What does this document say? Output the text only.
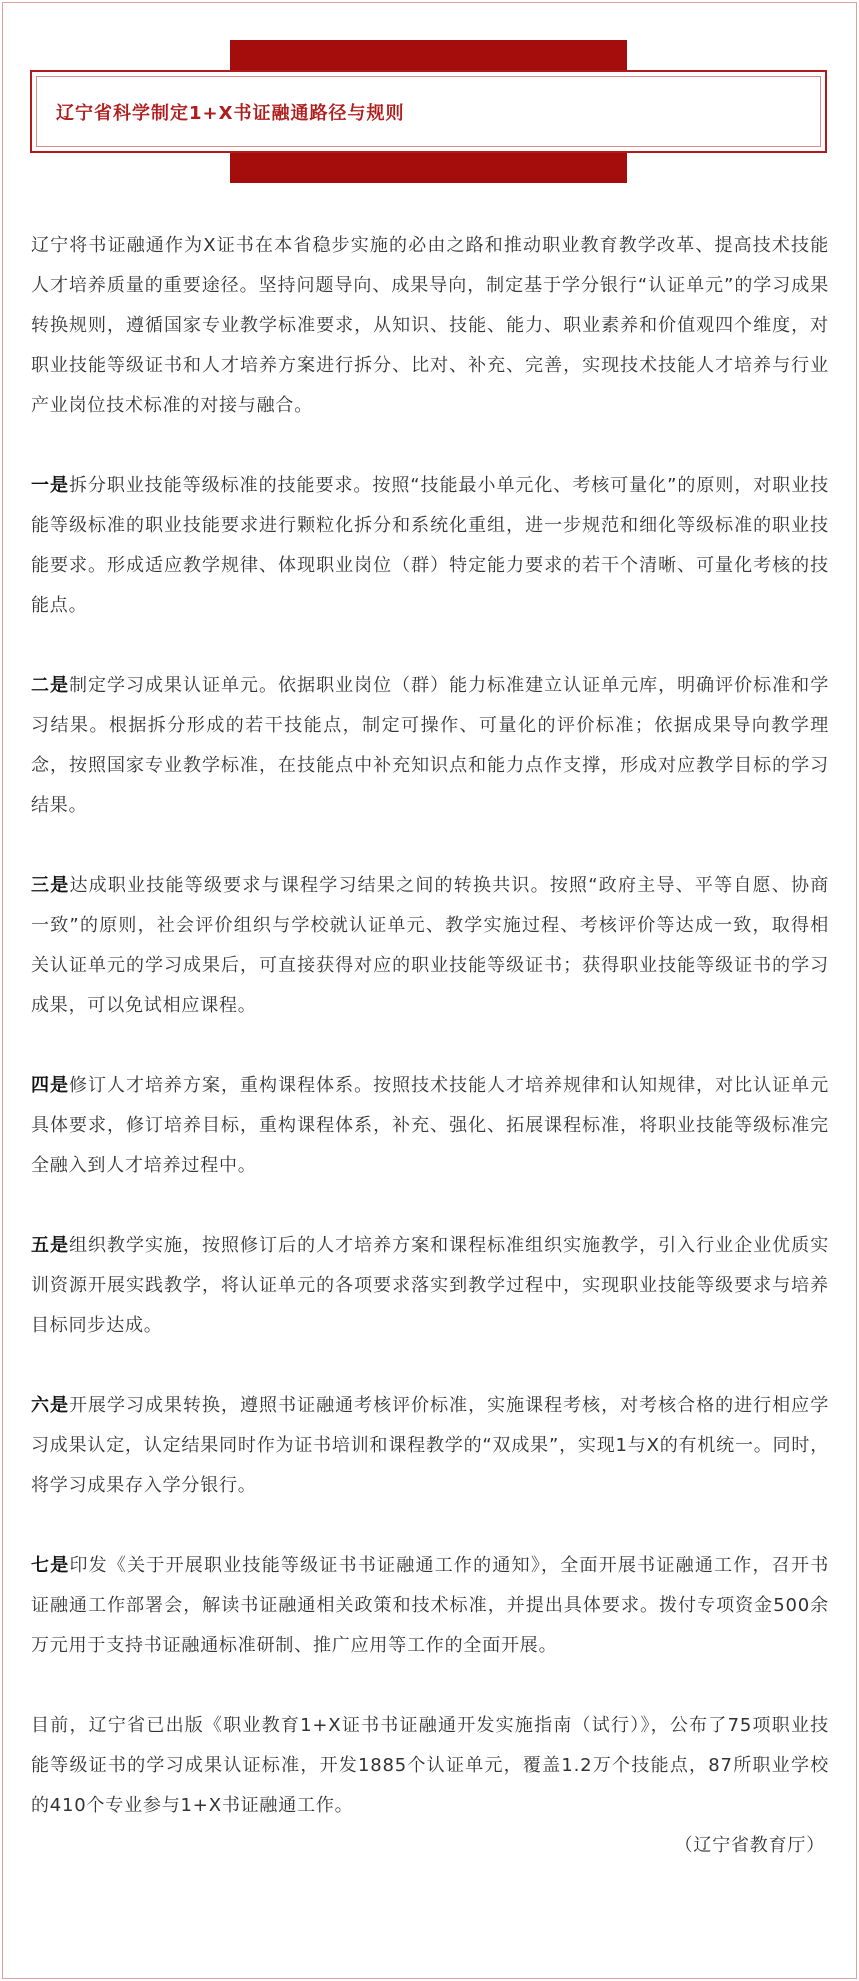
辽宁省科学制定1+X书证融通路径与规则

辽宁将书证融通作为X证书在本省稳步实施的必由之路和推动职业教育教学改革、提高技术技能人才培养质量的重要途径。坚持问题导向、成果导向，制定基于学分银行“认证单元”的学习成果转换规则，遵循国家专业教学标准要求，从知识、技能、能力、职业素养和价值观四个维度，对职业技能等级证书和人才培养方案进行拆分、比对、补充、完善，实现技术技能人才培养与行业产业岗位技术标准的对接与融合。

一是拆分职业技能等级标准的技能要求。按照“技能最小单元化、考核可量化”的原则，对职业技能等级标准的职业技能要求进行颗粒化拆分和系统化重组，进一步规范和细化等级标准的职业技能要求。形成适应教学规律、体现职业岗位（群）特定能力要求的若干个清晰、可量化考核的技能点。

二是制定学习成果认证单元。依据职业岗位（群）能力标准建立认证单元库，明确评价标准和学习结果。根据拆分形成的若干技能点，制定可操作、可量化的评价标准；依据成果导向教学理念，按照国家专业教学标准，在技能点中补充知识点和能力点作支撑，形成对应教学目标的学习结果。

三是达成职业技能等级要求与课程学习结果之间的转换共识。按照“政府主导、平等自愿、协商一致”的原则，社会评价组织与学校就认证单元、教学实施过程、考核评价等达成一致，取得相关认证单元的学习成果后，可直接获得对应的职业技能等级证书；获得职业技能等级证书的学习成果，可以免试相应课程。

四是修订人才培养方案，重构课程体系。按照技术技能人才培养规律和认知规律，对比认证单元具体要求，修订培养目标，重构课程体系，补充、强化、拓展课程标准，将职业技能等级标准完全融入到人才培养过程中。

五是组织教学实施，按照修订后的人才培养方案和课程标准组织实施教学，引入行业企业优质实训资源开展实践教学，将认证单元的各项要求落实到教学过程中，实现职业技能等级要求与培养目标同步达成。

六是开展学习成果转换，遵照书证融通考核评价标准，实施课程考核，对考核合格的进行相应学习成果认定，认定结果同时作为证书培训和课程教学的“双成果”，实现1与X的有机统一。同时，将学习成果存入学分银行。

七是印发《关于开展职业技能等级证书书证融通工作的通知》，全面开展书证融通工作，召开书证融通工作部署会，解读书证融通相关政策和技术标准，并提出具体要求。拨付专项资金500余万元用于支持书证融通标准研制、推广应用等工作的全面开展。

目前，辽宁省已出版《职业教育1+X证书书证融通开发实施指南（试行）》，公布了75项职业技能等级证书的学习成果认证标准，开发1885个认证单元，覆盖1.2万个技能点，87所职业学校的410个专业参与1+X书证融通工作。

（辽宁省教育厅）
